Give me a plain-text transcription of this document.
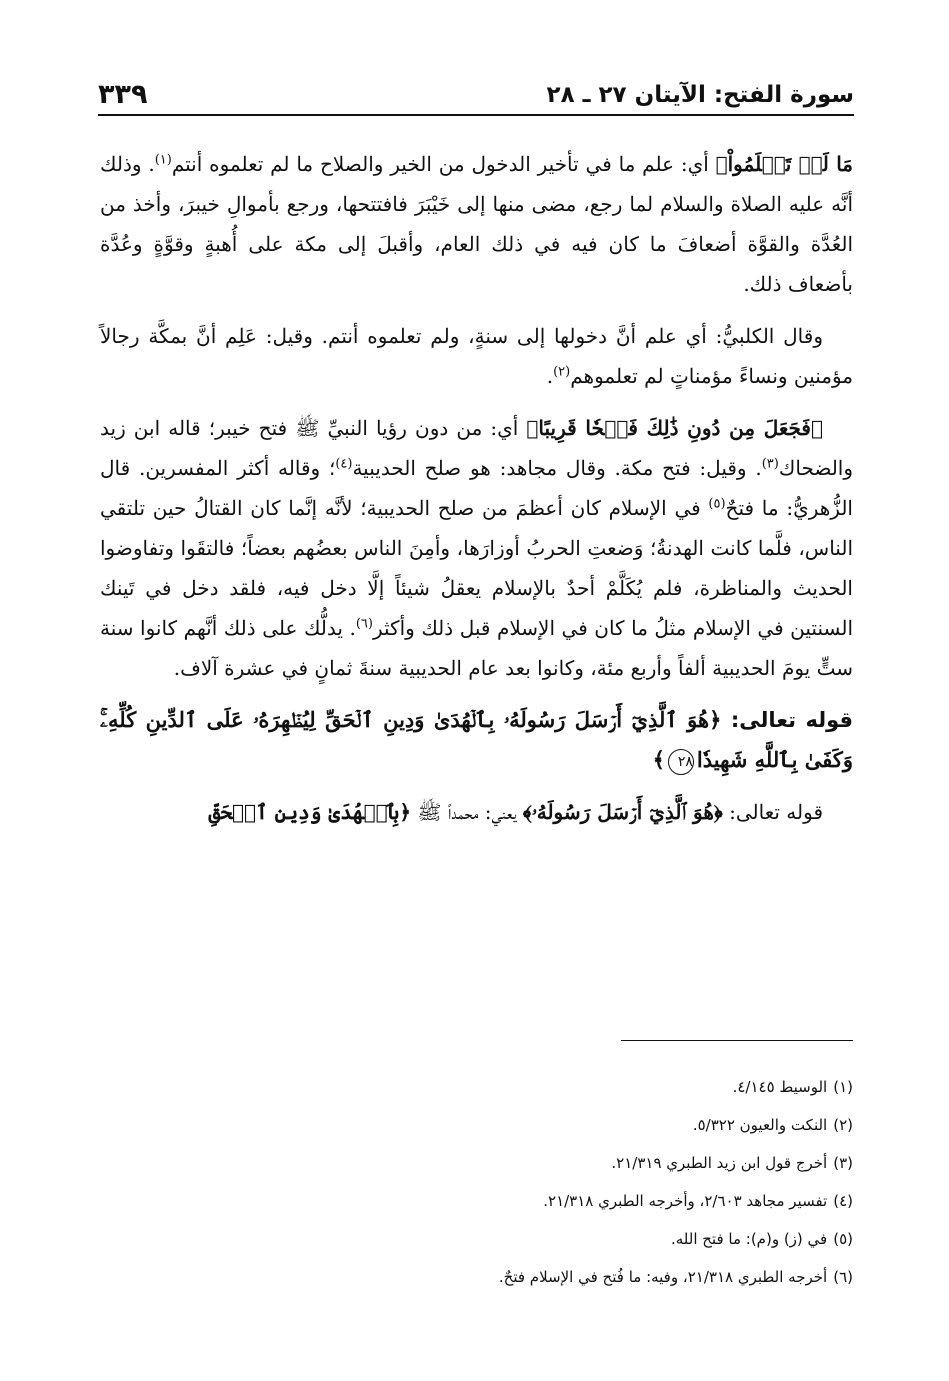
سورة الفتح: الآيتان ٢٧ ـ ٢٨
٣٣٩

مَا لَمۡ تَعۡلَمُواْ﴾ أي: علم ما في تأخير الدخول من الخير والصلاح ما لم تعلموه أنتم$^{(١)}$. وذلك أنَّه عليه الصلاة والسلام لما رجع، مضى منها إلى خَيْبَرَ فافتتحها، ورجع بأموالِ خيبرَ، وأخذ من العُدَّة والقوَّة أضعافَ ما كان فيه في ذلك العام، وأقبلَ إلى مكة على أُهبةٍ وقوَّةٍ وعُدَّة بأضعاف ذلك.

وقال الكلبيُّ: أي علم أنَّ دخولها إلى سنةٍ، ولم تعلموه أنتم. وقيل: عَلِم أنَّ بمكَّة رجالاً مؤمنين ونساءً مؤمناتٍ لم تعلموهم$^{(٢)}$.

﴿فَجَعَلَ مِن دُونِ ذَٰلِكَ فَتۡحٗا قَرِيبًا﴾ أي: من دون رؤيا النبيِّ ﷺ فتح خيبر؛ قاله ابن زيد والضحاك$^{(٣)}$. وقيل: فتح مكة. وقال مجاهد: هو صلح الحديبية$^{(٤)}$؛ وقاله أكثر المفسرين. قال الزُّهريُّ: ما فتحٌ$^{(٥)}$ في الإسلام كان أعظمَ من صلح الحديبية؛ لأنَّه إنَّما كان القتالُ حين تلتقي الناس، فلَّما كانت الهدنةُ؛ وَضعتِ الحربُ أوزارَها، وأمِنَ الناس بعضُهم بعضاً؛ فالتقَوا وتفاوضوا الحديث والمناظرة، فلم يُكَلَّمْ أحدٌ بالإسلام يعقلُ شيئاً إلَّا دخل فيه، فلقد دخل في تَينك السنتين في الإسلام مثلُ ما كان في الإسلام قبل ذلك وأكثر$^{(٦)}$. يدلُّك على ذلك أنَّهم كانوا سنة ستٍّ يومَ الحديبية ألفاً وأربع مئة، وكانوا بعد عام الحديبية سنةَ ثمانٍ في عشرة آلاف.

قوله تعالى: ﴿هُوَ ٱلَّذِيٓ أَرۡسَلَ رَسُولَهُۥ بِٱلۡهُدَىٰ وَدِينِ ٱلۡحَقِّ لِيُظۡهِرَهُۥ عَلَى ٱلدِّينِ كُلِّهِۦۚ وَكَفَىٰ بِٱللَّهِ شَهِيدٗا٢٨﴾

قوله تعالى: ﴿هُوَ ٱلَّذِيٓ أَرۡسَلَ رَسُولَهُۥ﴾ يعني: محمداً ﷺ ﴿بِٱلۡهُدَىٰ وَدِينِ ٱلۡحَقِّ

(١)الوسيط ٤/١٤٥.
(٢)النكت والعيون ٥/٣٢٢.
(٣)أخرج قول ابن زيد الطبري ٢١/٣١٩.
(٤)تفسير مجاهد ٢/٦٠٣، وأخرجه الطبري ٢١/٣١٨.
(٥)في (ز) و(م): ما فتح الله.
(٦)أخرجه الطبري ٢١/٣١٨، وفيه: ما فُتح في الإسلام فتحٌ.
